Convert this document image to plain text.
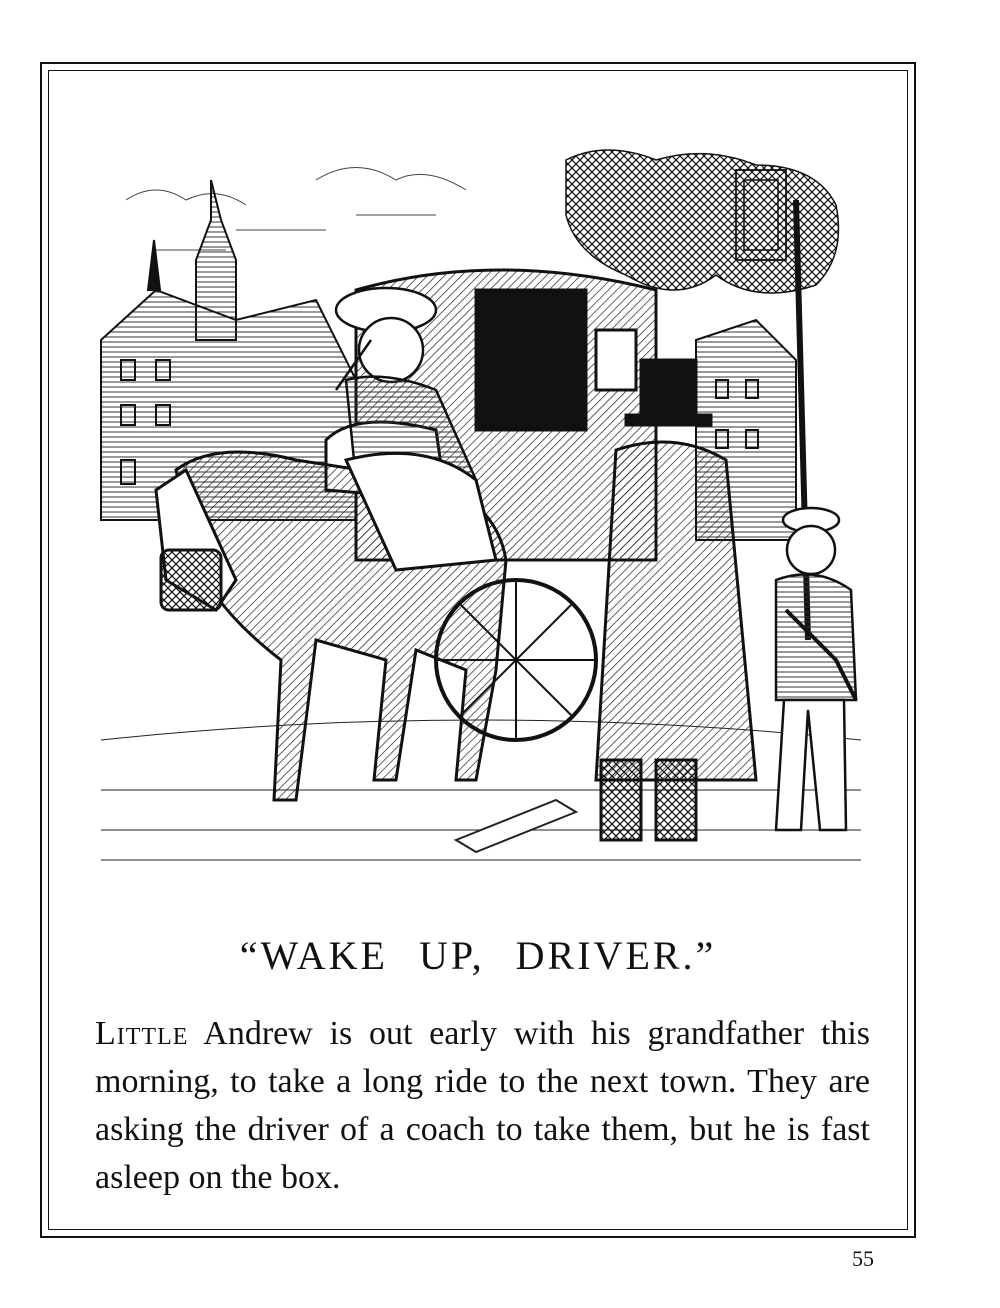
“WAKE UP, DRIVER.”

Little Andrew is out early with his grandfather this morning, to take a long ride to the next town. They are asking the driver of a coach to take them, but he is fast asleep on the box.

55
